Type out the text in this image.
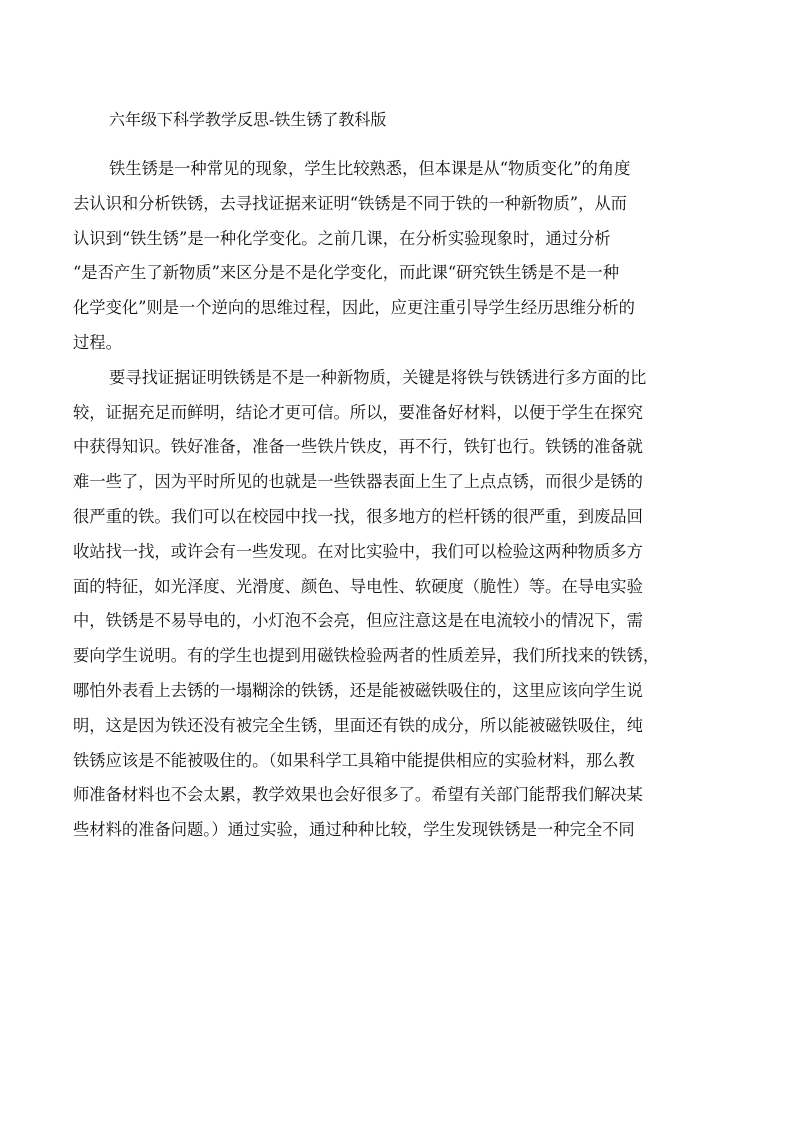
六年级下科学教学反思-铁生锈了教科版

铁生锈是一种常见的现象，学生比较熟悉，但本课是从“物质变化”的角度
去认识和分析铁锈，去寻找证据来证明“铁锈是不同于铁的一种新物质”，从而
认识到“铁生锈”是一种化学变化。之前几课，在分析实验现象时，通过分析
“是否产生了新物质”来区分是不是化学变化，而此课“研究铁生锈是不是一种
化学变化”则是一个逆向的思维过程，因此，应更注重引导学生经历思维分析的
过程。

要寻找证据证明铁锈是不是一种新物质，关键是将铁与铁锈进行多方面的比
较，证据充足而鲜明，结论才更可信。所以，要准备好材料，以便于学生在探究
中获得知识。铁好准备，准备一些铁片铁皮，再不行，铁钉也行。铁锈的准备就
难一些了，因为平时所见的也就是一些铁器表面上生了上点点锈，而很少是锈的
很严重的铁。我们可以在校园中找一找，很多地方的栏杆锈的很严重，到废品回
收站找一找，或许会有一些发现。在对比实验中，我们可以检验这两种物质多方
面的特征，如光泽度、光滑度、颜色、导电性、软硬度（脆性）等。在导电实验
中，铁锈是不易导电的，小灯泡不会亮，但应注意这是在电流较小的情况下，需
要向学生说明。有的学生也提到用磁铁检验两者的性质差异，我们所找来的铁锈，
哪怕外表看上去锈的一塌糊涂的铁锈，还是能被磁铁吸住的，这里应该向学生说
明，这是因为铁还没有被完全生锈，里面还有铁的成分，所以能被磁铁吸住，纯
铁锈应该是不能被吸住的。（如果科学工具箱中能提供相应的实验材料，那么教
师准备材料也不会太累，教学效果也会好很多了。希望有关部门能帮我们解决某
些材料的准备问题。）通过实验，通过种种比较，学生发现铁锈是一种完全不同
